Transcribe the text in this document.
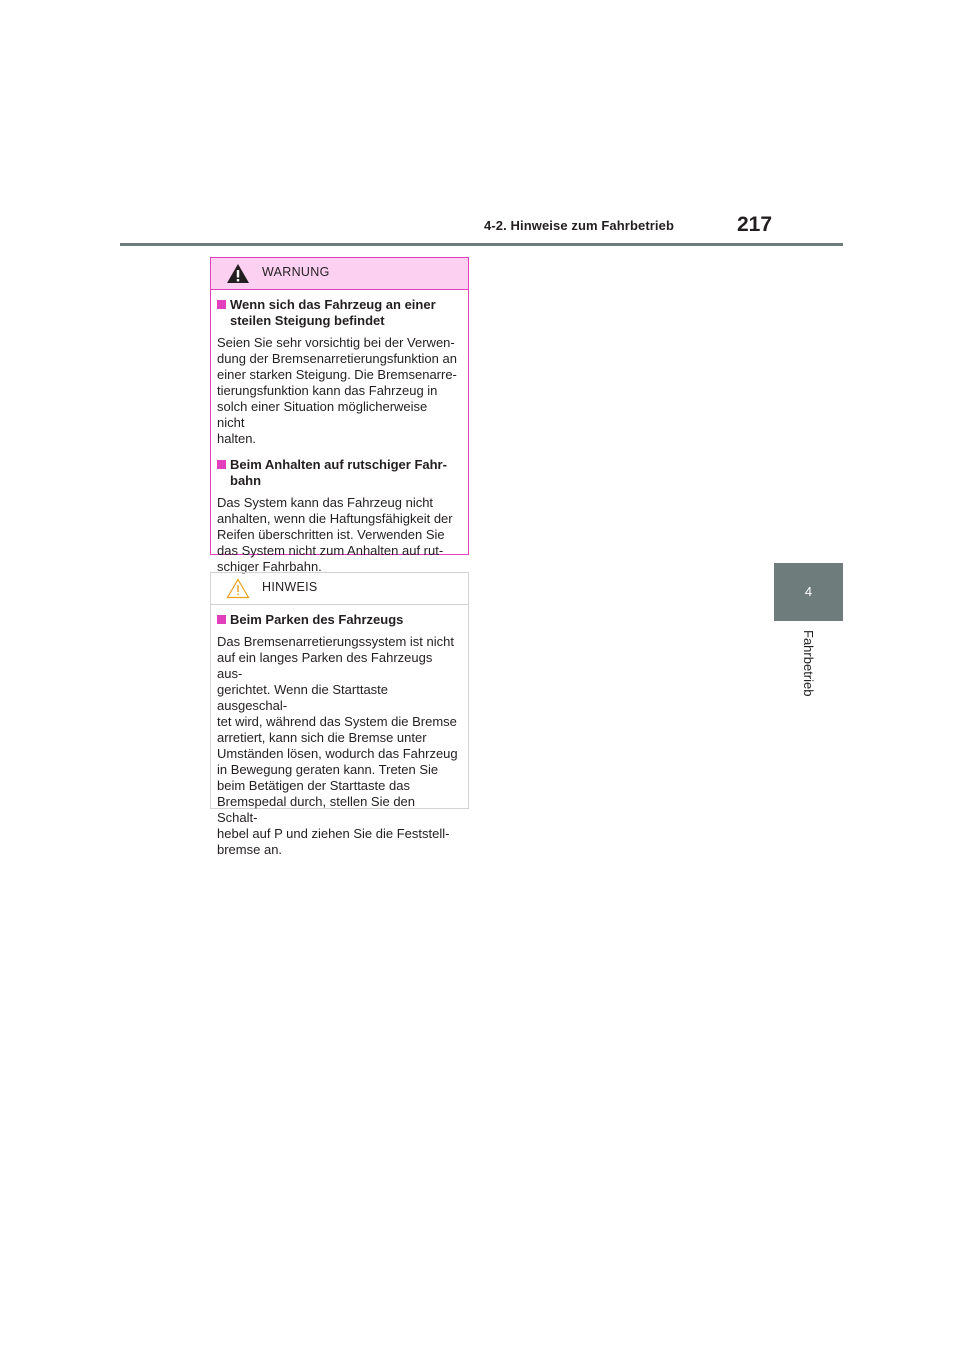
4-2. Hinweise zum Fahrbetrieb	217
4
Fahrbetrieb
WARNUNG
Wenn sich das Fahrzeug an einer
steilen Steigung befindet
Seien Sie sehr vorsichtig bei der Verwen-
dung der Bremsenarretierungsfunktion an
einer starken Steigung. Die Bremsenarre-
tierungsfunktion kann das Fahrzeug in
solch einer Situation möglicherweise nicht
halten.
Beim Anhalten auf rutschiger Fahr-
bahn
Das System kann das Fahrzeug nicht
anhalten, wenn die Haftungsfähigkeit der
Reifen überschritten ist. Verwenden Sie
das System nicht zum Anhalten auf rut-
schiger Fahrbahn.
HINWEIS
Beim Parken des Fahrzeugs
Das Bremsenarretierungssystem ist nicht
auf ein langes Parken des Fahrzeugs aus-
gerichtet. Wenn die Starttaste ausgeschal-
tet wird, während das System die Bremse
arretiert, kann sich die Bremse unter
Umständen lösen, wodurch das Fahrzeug
in Bewegung geraten kann. Treten Sie
beim Betätigen der Starttaste das
Bremspedal durch, stellen Sie den Schalt-
hebel auf P und ziehen Sie die Feststell-
bremse an.
